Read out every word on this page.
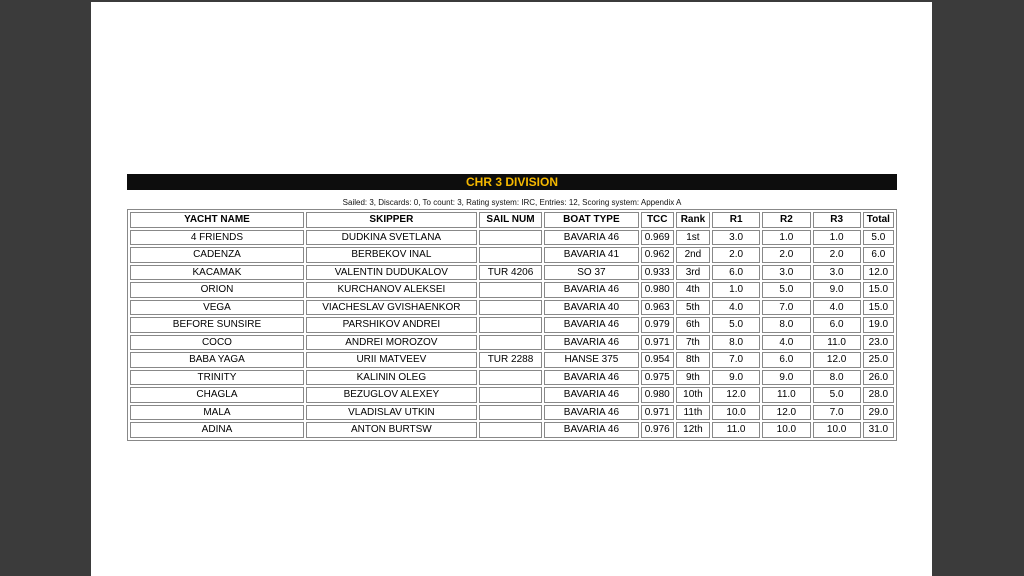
CHR 3 DIVISION
Sailed: 3, Discards: 0, To count: 3, Rating system: IRC, Entries: 12, Scoring system: Appendix A
YACHT NAME	SKIPPER	SAIL NUM	BOAT TYPE	TCC	Rank	R1	R2	R3	Total
4 FRIENDS	DUDKINA SVETLANA		BAVARIA 46	0.969	1st	3.0	1.0	1.0	5.0
CADENZA	BERBEKOV INAL		BAVARIA 41	0.962	2nd	2.0	2.0	2.0	6.0
KACAMAK	VALENTIN DUDUKALOV	TUR 4206	SO 37	0.933	3rd	6.0	3.0	3.0	12.0
ORION	KURCHANOV ALEKSEI		BAVARIA 46	0.980	4th	1.0	5.0	9.0	15.0
VEGA	VIACHESLAV GVISHAENKOR		BAVARIA 40	0.963	5th	4.0	7.0	4.0	15.0
BEFORE SUNSIRE	PARSHIKOV ANDREI		BAVARIA 46	0.979	6th	5.0	8.0	6.0	19.0
COCO	ANDREI MOROZOV		BAVARIA 46	0.971	7th	8.0	4.0	11.0	23.0
BABA YAGA	URII MATVEEV	TUR 2288	HANSE 375	0.954	8th	7.0	6.0	12.0	25.0
TRINITY	KALININ OLEG		BAVARIA 46	0.975	9th	9.0	9.0	8.0	26.0
CHAGLA	BEZUGLOV ALEXEY		BAVARIA 46	0.980	10th	12.0	11.0	5.0	28.0
MALA	VLADISLAV UTKIN		BAVARIA 46	0.971	11th	10.0	12.0	7.0	29.0
ADINA	ANTON BURTSW		BAVARIA 46	0.976	12th	11.0	10.0	10.0	31.0
